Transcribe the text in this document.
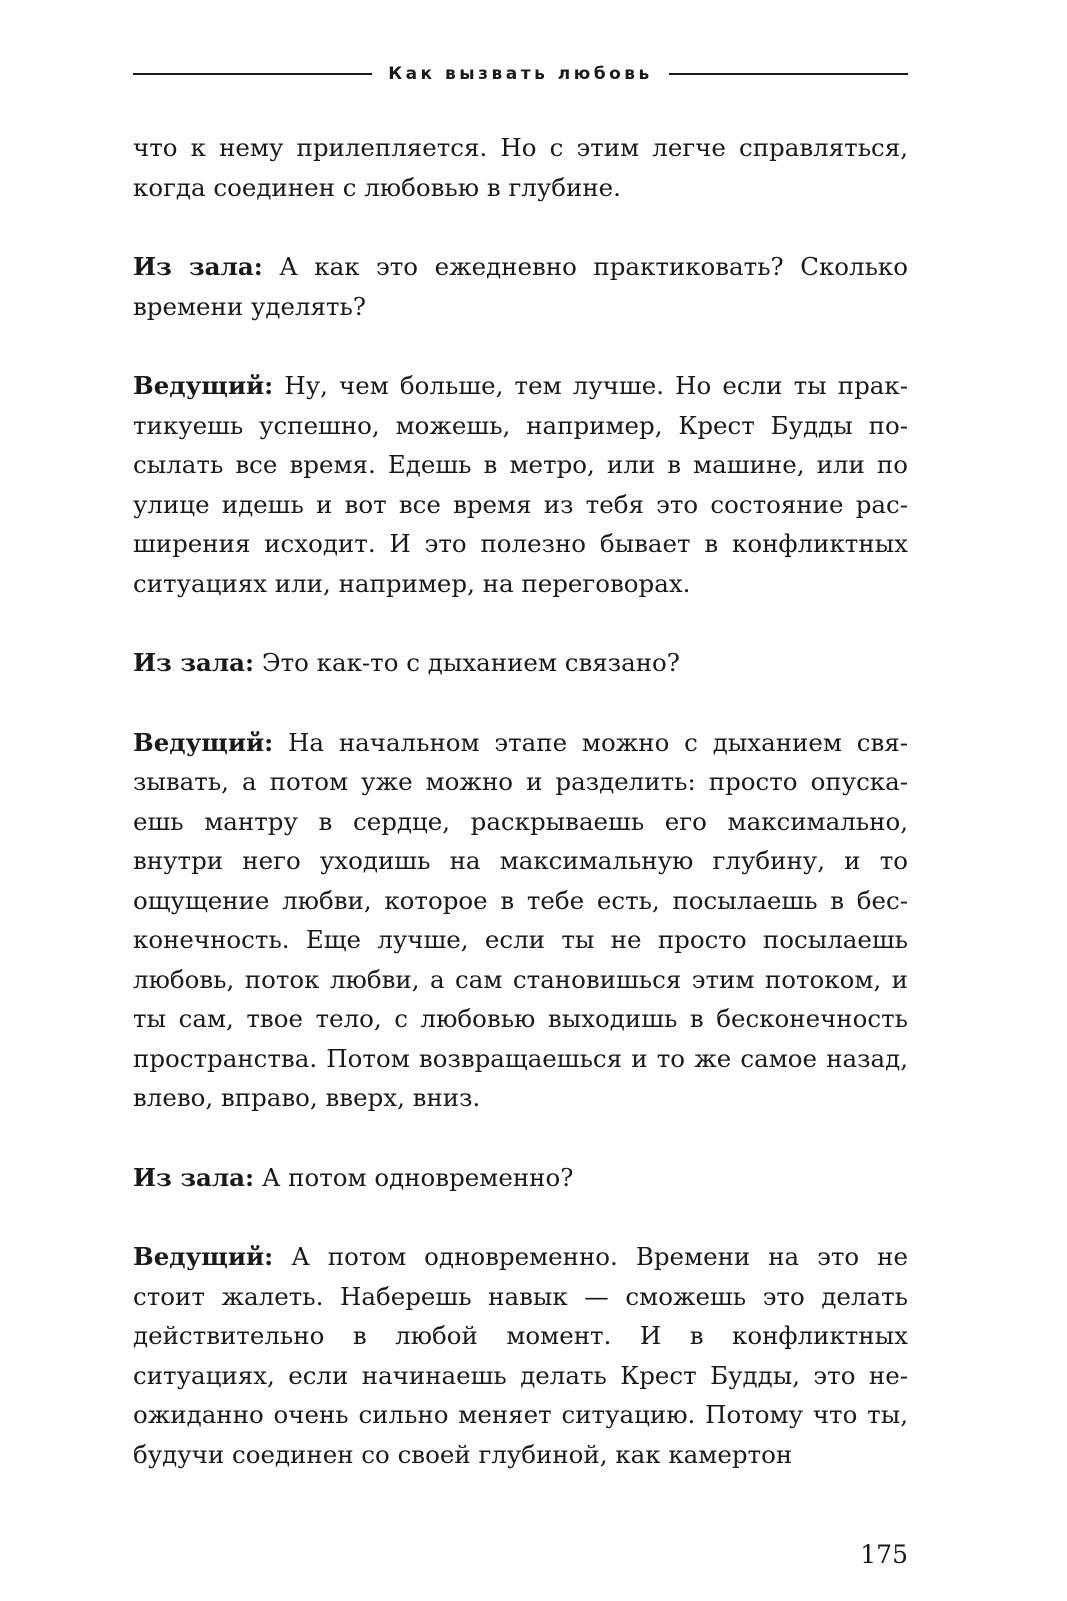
Как вызвать любовь

что к нему прилепляется. Но с этим легче справляться, когда соединен с любовью в глубине.

Из зала: А как это ежедневно практиковать? Сколько времени уделять?

Ведущий: Ну, чем больше, тем лучше. Но если ты практикуешь успешно, можешь, например, Крест Будды посылать все время. Едешь в метро, или в машине, или по улице идешь и вот все время из тебя это состояние расширения исходит. И это полезно бывает в конфликтных ситуациях или, например, на переговорах.

Из зала: Это как-то с дыханием связано?

Ведущий: На начальном этапе можно с дыханием связывать, а потом уже можно и разделить: просто опускаешь мантру в сердце, раскрываешь его максимально, внутри него уходишь на максимальную глубину, и то ощущение любви, которое в тебе есть, посылаешь в бесконечность. Еще лучше, если ты не просто посылаешь любовь, поток любви, а сам становишься этим потоком, и ты сам, твое тело, с любовью выходишь в бесконечность пространства. Потом возвращаешься и то же самое назад, влево, вправо, вверх, вниз.

Из зала: А потом одновременно?

Ведущий: А потом одновременно. Времени на это не стоит жалеть. Наберешь навык — сможешь это делать действительно в любой момент. И в конфликтных ситуациях, если начинаешь делать Крест Будды, это неожиданно очень сильно меняет ситуацию. Потому что ты, будучи соединен со своей глубиной, как камертон

175
